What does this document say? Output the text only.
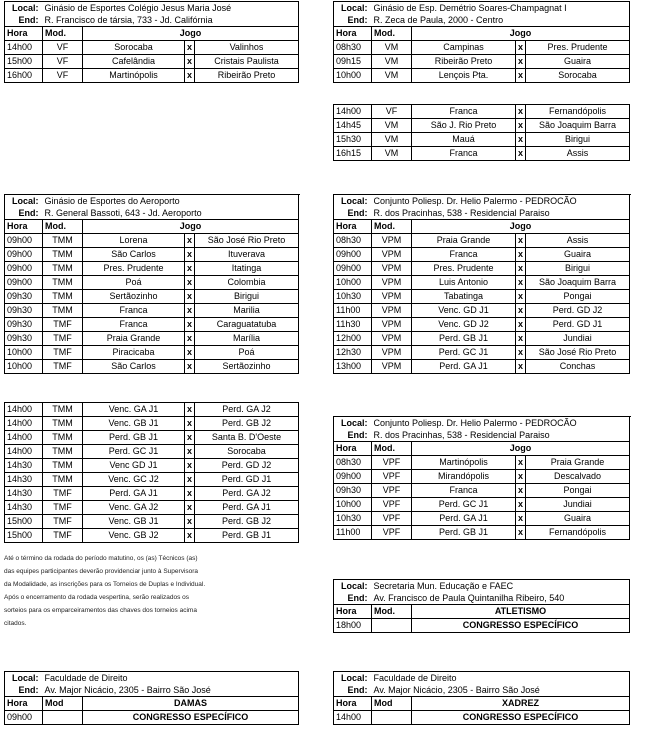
Local:	Ginásio de Esportes Colégio Jesus Maria José			
End:	R. Francisco de társia, 733 - Jd. Califórnia			
Hora	Mod.	Jogo		
14h00	VF	Sorocaba	x	Valinhos
15h00	VF	Cafelândia	x	Cristais Paulista
16h00	VF	Martinópolis	x	Ribeirão Preto
Local:	Ginásio de Esp. Demétrio Soares-Champagnat I			
End:	R. Zeca de Paula, 2000 - Centro			
Hora	Mod.	Jogo		
08h30	VM	Campinas	x	Pres. Prudente
09h15	VM	Ribeirão Preto	x	Guaira
10h00	VM	Lençois Pta.	x	Sorocaba
14h00	VF	Franca	x	Fernandópolis
14h45	VM	São J. Rio Preto	x	São Joaquim Barra
15h30	VM	Mauá	x	Birigui
16h15	VM	Franca	x	Assis
Local:	Ginásio de Esportes do Aeroporto				
End:	R. General Bassoti, 643 - Jd. Aeroporto				
Hora	Mod.	Jogo			
09h00	TMM	Lorena	x	São José Rio Preto	
09h00	TMM	São Carlos	x	Ituverava	
09h00	TMM	Pres. Prudente	x	Itatinga	
09h00	TMM	Poá	x	Colombia	
09h30	TMM	Sertãozinho	x	Birigui	
09h30	TMM	Franca	x	Marilia	
09h30	TMF	Franca	x	Caraguatatuba	
09h30	TMF	Praia Grande	x	Marília	
10h00	TMF	Piracicaba	x	Poá	
10h00	TMF	São Carlos	x	Sertãozinho	
14h00	TMM	Venc. GA J1	x	Perd. GA J2
14h00	TMM	Venc. GB J1	x	Perd. GB J2
14h00	TMM	Perd. GB J1	x	Santa B. D'Oeste
14h00	TMM	Perd. GC J1	x	Sorocaba
14h30	TMM	Venc GD J1	x	Perd. GD J2
14h30	TMM	Venc. GC J2	x	Perd. GD J1
14h30	TMF	Perd. GA J1	x	Perd. GA J2
14h30	TMF	Venc. GA J2	x	Perd. GA J1
15h00	TMF	Venc. GB J1	x	Perd. GB J2
15h00	TMF	Venc. GB J2	x	Perd. GB J1
Local:	Conjunto Poliesp. Dr. Helio Palermo - PEDROCÃO				
End:	R. dos Pracinhas, 538 - Residencial Paraiso				
Hora	Mod.	Jogo			
08h30	VPM	Praia Grande	x	Assis	
09h00	VPM	Franca	x	Guaira	
09h00	VPM	Pres. Prudente	x	Birigui	
10h00	VPM	Luis Antonio	x	São Joaquim Barra	
10h30	VPM	Tabatinga	x	Pongai	
11h00	VPM	Venc. GD J1	x	Perd. GD J2	
11h30	VPM	Venc. GD J2	x	Perd. GD J1	
12h00	VPM	Perd. GB J1	x	Jundiai	
12h30	VPM	Perd. GC J1	x	São José Rio Preto	
13h00	VPM	Perd. GA J1	x	Conchas	
Local:	Conjunto Poliesp. Dr. Helio Palermo - PEDROCÃO				
End:	R. dos Pracinhas, 538 - Residencial Paraiso				
Hora	Mod.	Jogo			
08h30	VPF	Martinópolis	x	Praia Grande	
09h00	VPF	Mirandópolis	x	Descalvado	
09h30	VPF	Franca	x	Pongai	
10h00	VPF	Perd. GC J1	x	Jundiai	
10h30	VPF	Perd. GA J1	x	Guaira	
11h00	VPF	Perd. GB J1	x	Fernandópolis	
Até o término da rodada do período matutino, os (as) Técnicos (as)
das equipes participantes deverão providenciar junto à Supervisora
da Modalidade, as inscrições para os Torneios de Duplas e Individual.
Após o encerramento da rodada vespertina, serão realizados os
sorteios para os emparceiramentos das chaves dos torneios acima
citados.
Local:	Secretaria Mun. Educação e FAEC	
End:	Av. Francisco de Paula Quintanilha Ribeiro, 540	
Hora	Mod.	ATLETISMO
18h00		CONGRESSO ESPECÍFICO
Local:	Faculdade de Direito	
End:	Av. Major Nicácio, 2305 - Bairro São José	
Hora	Mod	DAMAS
09h00		CONGRESSO ESPECÍFICO
Local:	Faculdade de Direito	
End:	Av. Major Nicácio, 2305 - Bairro São José	
Hora	Mod	XADREZ
14h00		CONGRESSO ESPECÍFICO
